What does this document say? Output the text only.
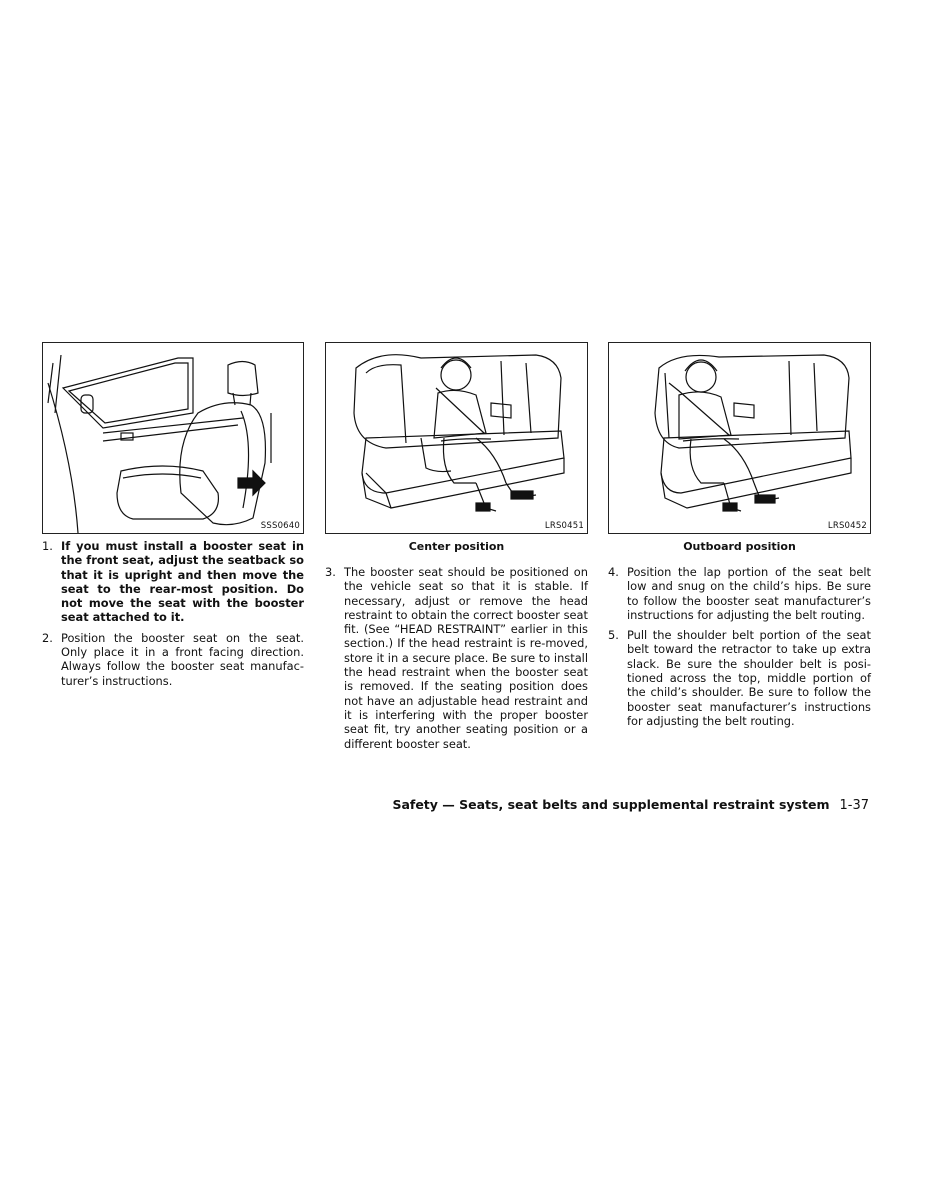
SSS0640	LRS0451
Center position
LRS0452
Outboard position
1. If you must install a booster seat in the front seat, adjust the seatback so that it is upright and then move the seat to the rear-most position. Do not move the seat with the booster seat attached to it.
2. Position the booster seat on the seat. Only place it in a front facing direction. Always follow the booster seat manufac-turer’s instructions.
3. The booster seat should be positioned on the vehicle seat so that it is stable. If necessary, adjust or remove the head restraint to obtain the correct booster seat fit. (See “HEAD RESTRAINT” earlier in this section.) If the head restraint is re-moved, store it in a secure place. Be sure to install the head restraint when the booster seat is removed. If the seating position does not have an adjustable head restraint and it is interfering with the proper booster seat fit, try another seating position or a different booster seat.
4. Position the lap portion of the seat belt low and snug on the child’s hips. Be sure to follow the booster seat manufacturer’s instructions for adjusting the belt routing.
5. Pull the shoulder belt portion of the seat belt toward the retractor to take up extra slack. Be sure the shoulder belt is posi-tioned across the top, middle portion of the child’s shoulder. Be sure to follow the booster seat manufacturer’s instructions for adjusting the belt routing.
Safety — Seats, seat belts and supplemental restraint system 1-37
